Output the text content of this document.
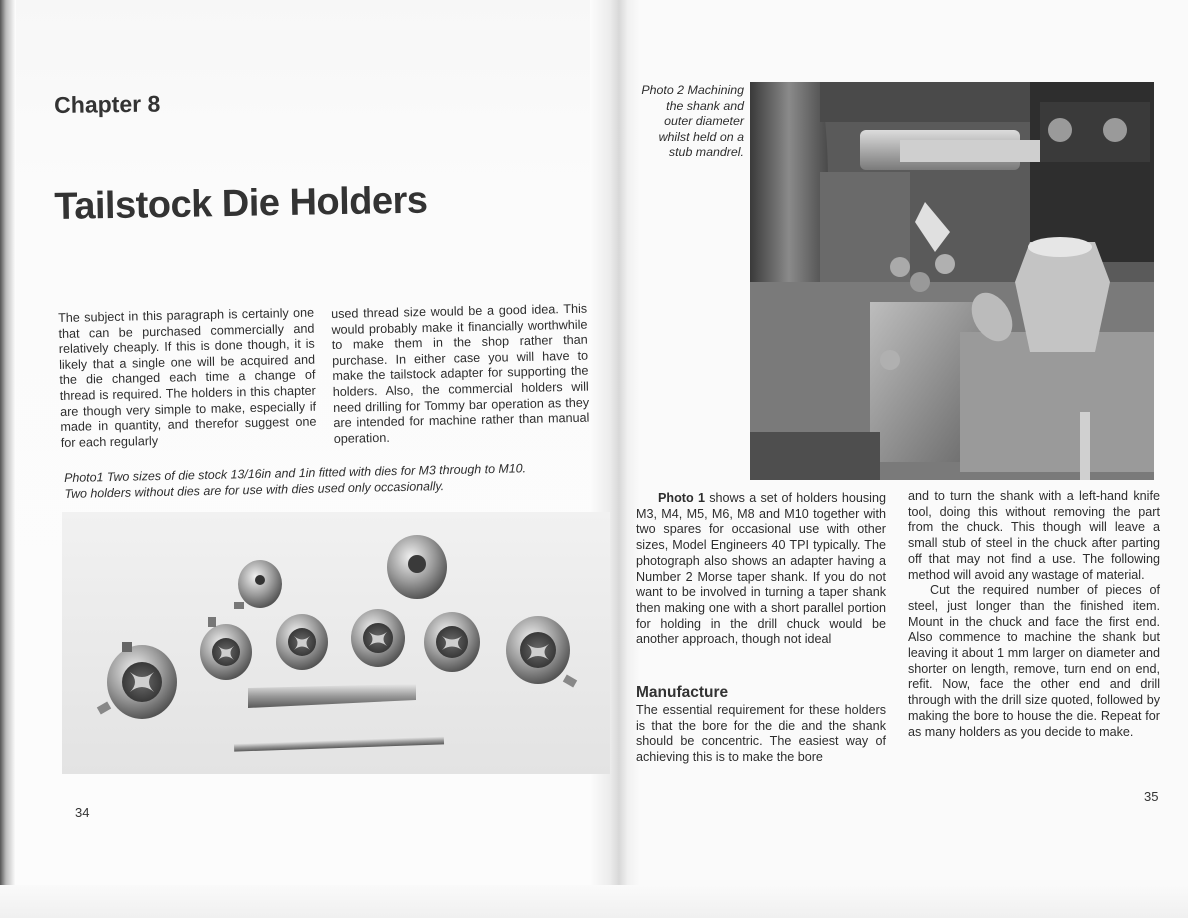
Chapter 8
Tailstock Die Holders

The subject in this paragraph is certainly one that can be purchased commercially and relatively cheaply. If this is done though, it is likely that a single one will be acquired and the die changed each time a change of thread is required. The holders in this chapter are though very simple to make, especially if made in quantity, and therefor suggest one for each regularly

used thread size would be a good idea. This would probably make it financially worthwhile to make them in the shop rather than purchase. In either case you will have to make the tailstock adapter for supporting the holders. Also, the commercial holders will need drilling for Tommy bar operation as they are intended for machine rather than manual operation.

Photo1 Two sizes of die stock 13/16in and 1in fitted with dies for M3 through to M10.
Two holders without dies are for use with dies used only occasionally.

34
Photo 2 Machining
the shank and
outer diameter
whilst held on a
stub mandrel.

Photo 1 shows a set of holders housing M3, M4, M5, M6, M8 and M10 together with two spares for occasional use with other sizes, Model Engineers 40 TPI typically. The photograph also shows an adapter having a Number 2 Morse taper shank. If you do not want to be involved in turning a taper shank then making one with a short parallel portion for holding in the drill chuck would be another approach, though not ideal

Manufacture

The essential requirement for these holders is that the bore for the die and the shank should be concentric. The easiest way of achieving this is to make the bore

and to turn the shank with a left-hand knife tool, doing this without removing the part from the chuck. This though will leave a small stub of steel in the chuck after parting off that may not find a use. The following method will avoid any wastage of material.
Cut the required number of pieces of steel, just longer than the finished item. Mount in the chuck and face the first end. Also commence to machine the shank but leaving it about 1 mm larger on diameter and shorter on length, remove, turn end on end, refit. Now, face the other end and drill through with the drill size quoted, followed by making the bore to house the die. Repeat for as many holders as you decide to make.
35
